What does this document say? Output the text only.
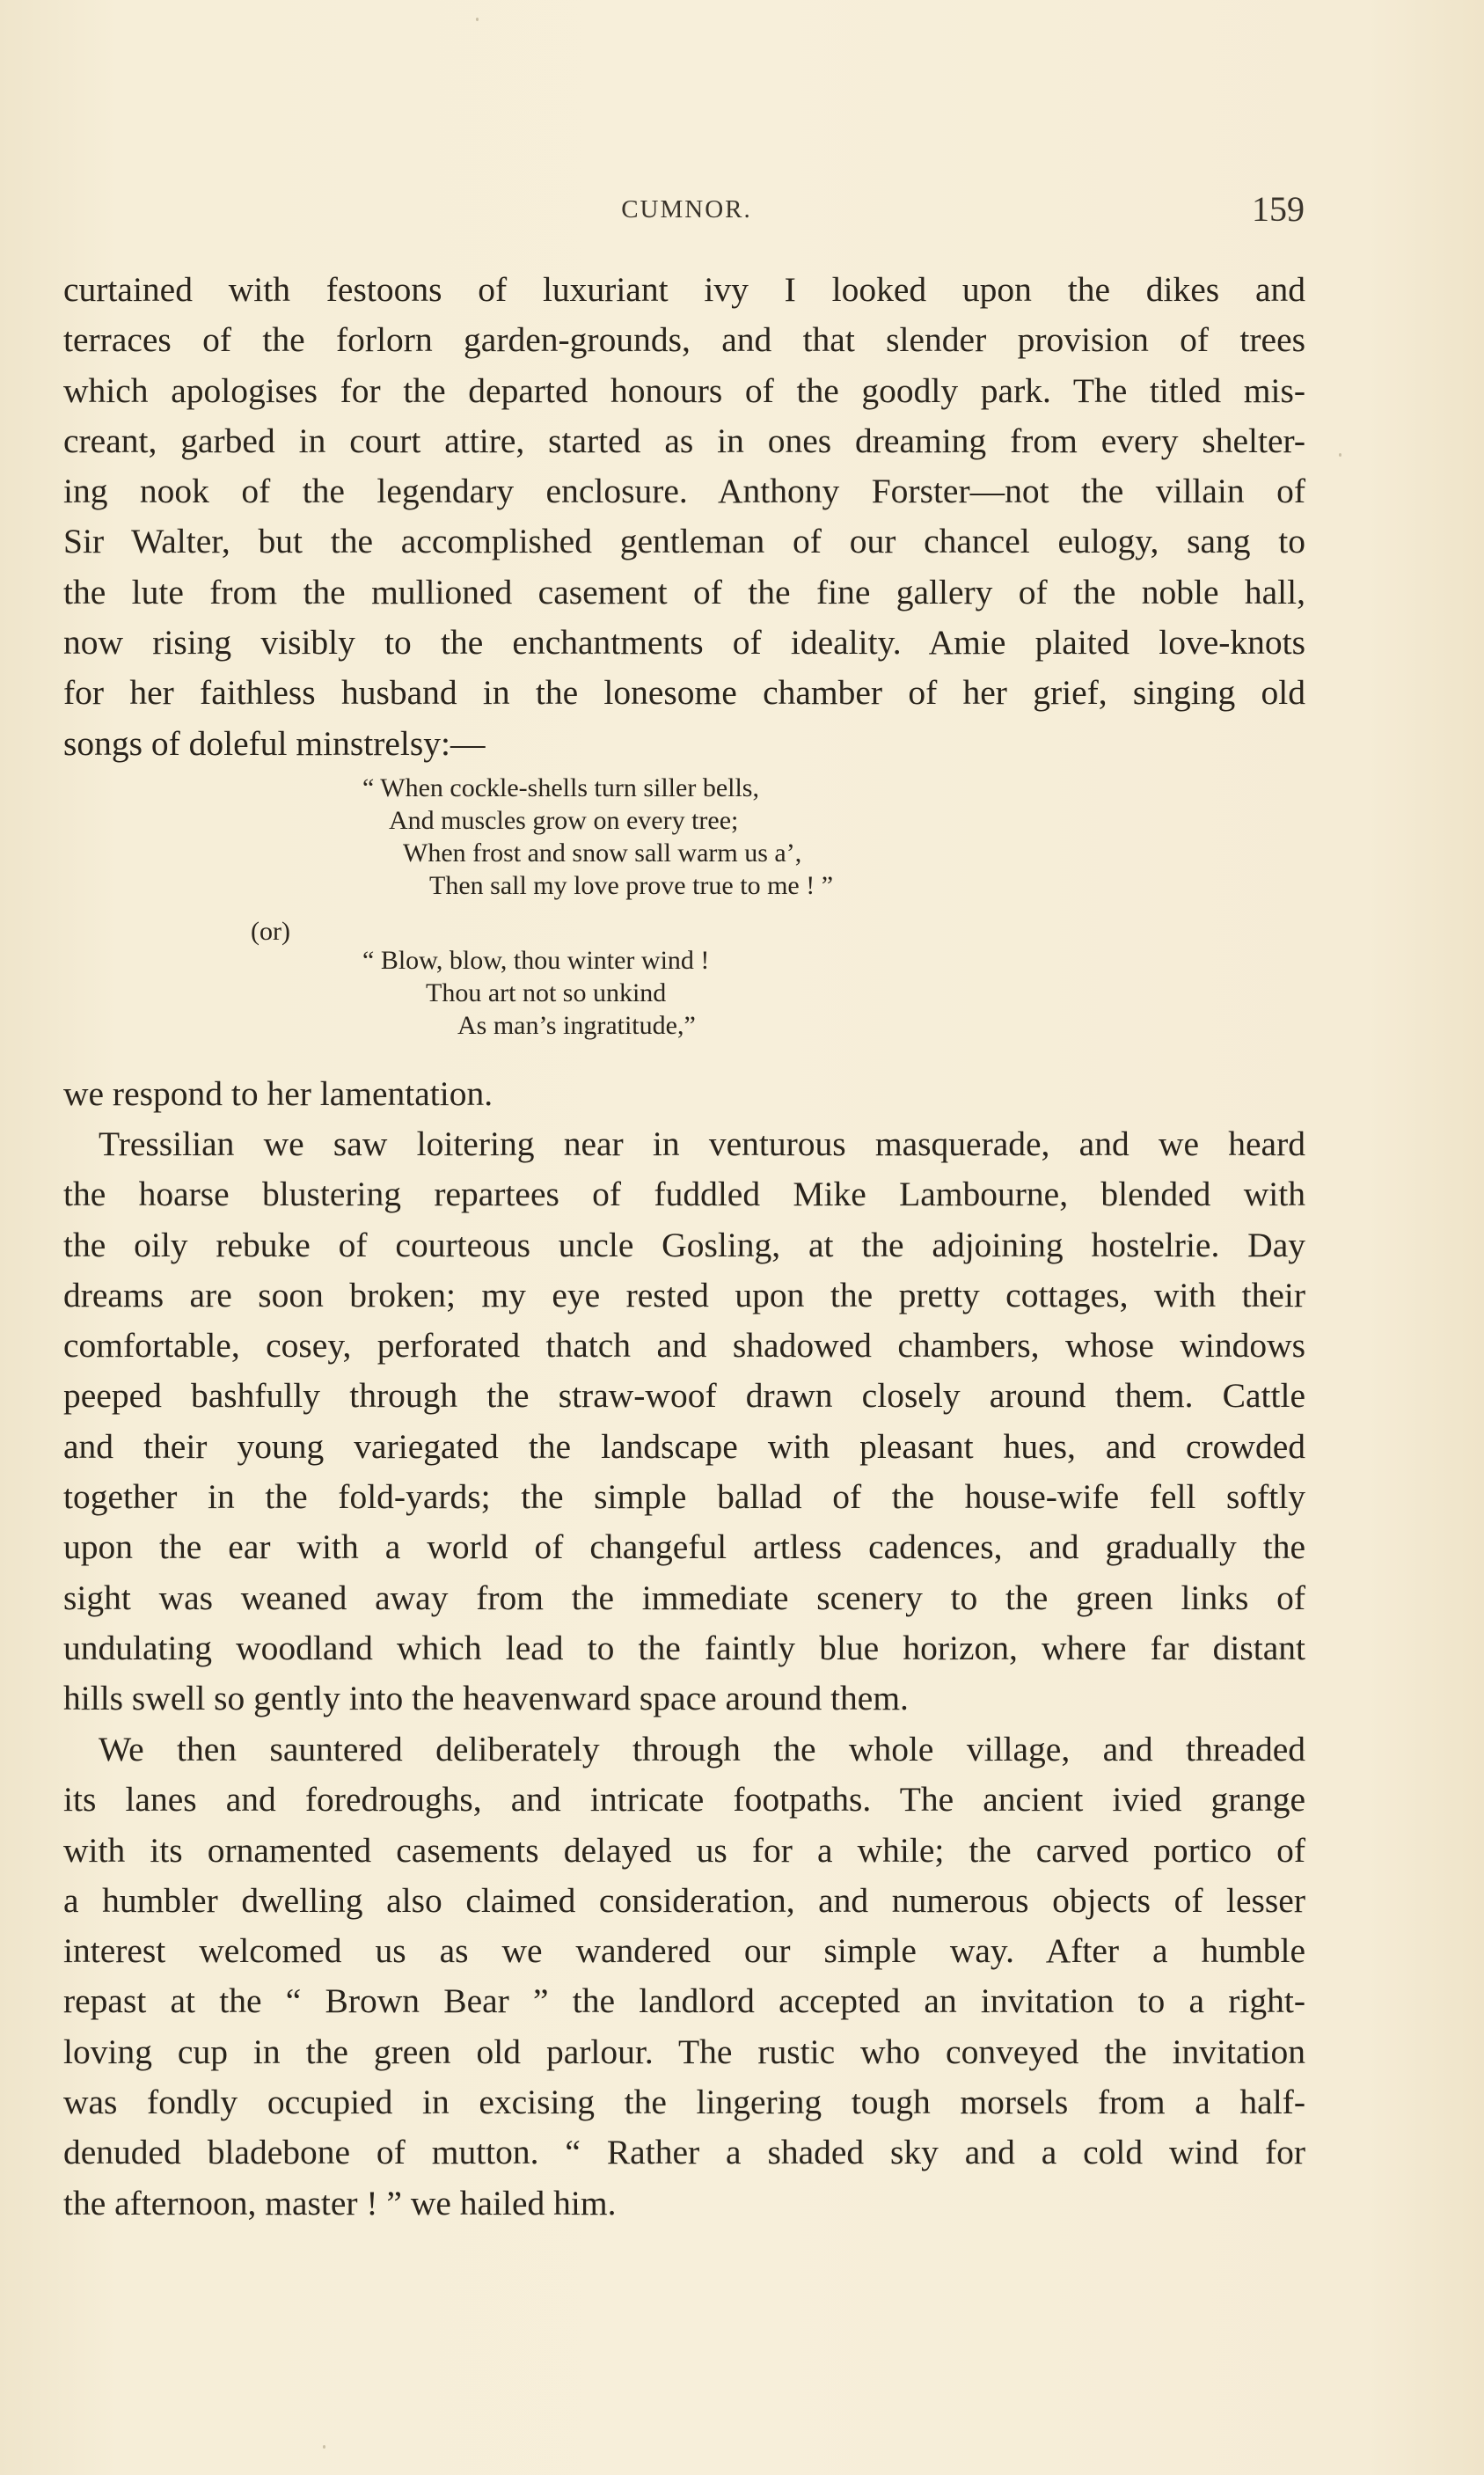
CUMNOR.	159
curtained with festoons of luxuriant ivy I looked upon the dikes and
terraces of the forlorn garden-grounds, and that slender provision of trees
which apologises for the departed honours of the goodly park. The titled mis-
creant, garbed in court attire, started as in ones dreaming from every shelter-
ing nook of the legendary enclosure. Anthony Forster—not the villain of
Sir Walter, but the accomplished gentleman of our chancel eulogy, sang to
the lute from the mullioned casement of the fine gallery of the noble hall,
now rising visibly to the enchantments of ideality. Amie plaited love-knots
for her faithless husband in the lonesome chamber of her grief, singing old
songs of doleful minstrelsy:—
“ When cockle-shells turn siller bells,
And muscles grow on every tree;
When frost and snow sall warm us a’,
Then sall my love prove true to me ! ”
(or)
“ Blow, blow, thou winter wind !
Thou art not so unkind
As man’s ingratitude,”
we respond to her lamentation.
Tressilian we saw loitering near in venturous masquerade, and we heard
the hoarse blustering repartees of fuddled Mike Lambourne, blended with
the oily rebuke of courteous uncle Gosling, at the adjoining hostelrie. Day
dreams are soon broken; my eye rested upon the pretty cottages, with their
comfortable, cosey, perforated thatch and shadowed chambers, whose windows
peeped bashfully through the straw-woof drawn closely around them. Cattle
and their young variegated the landscape with pleasant hues, and crowded
together in the fold-yards; the simple ballad of the house-wife fell softly
upon the ear with a world of changeful artless cadences, and gradually the
sight was weaned away from the immediate scenery to the green links of
undulating woodland which lead to the faintly blue horizon, where far distant
hills swell so gently into the heavenward space around them.
We then sauntered deliberately through the whole village, and threaded
its lanes and foredroughs, and intricate footpaths. The ancient ivied grange
with its ornamented casements delayed us for a while; the carved portico of
a humbler dwelling also claimed consideration, and numerous objects of lesser
interest welcomed us as we wandered our simple way. After a humble
repast at the “ Brown Bear ” the landlord accepted an invitation to a right-
loving cup in the green old parlour. The rustic who conveyed the invitation
was fondly occupied in excising the lingering tough morsels from a half-
denuded bladebone of mutton. “ Rather a shaded sky and a cold wind for
the afternoon, master ! ” we hailed him.
